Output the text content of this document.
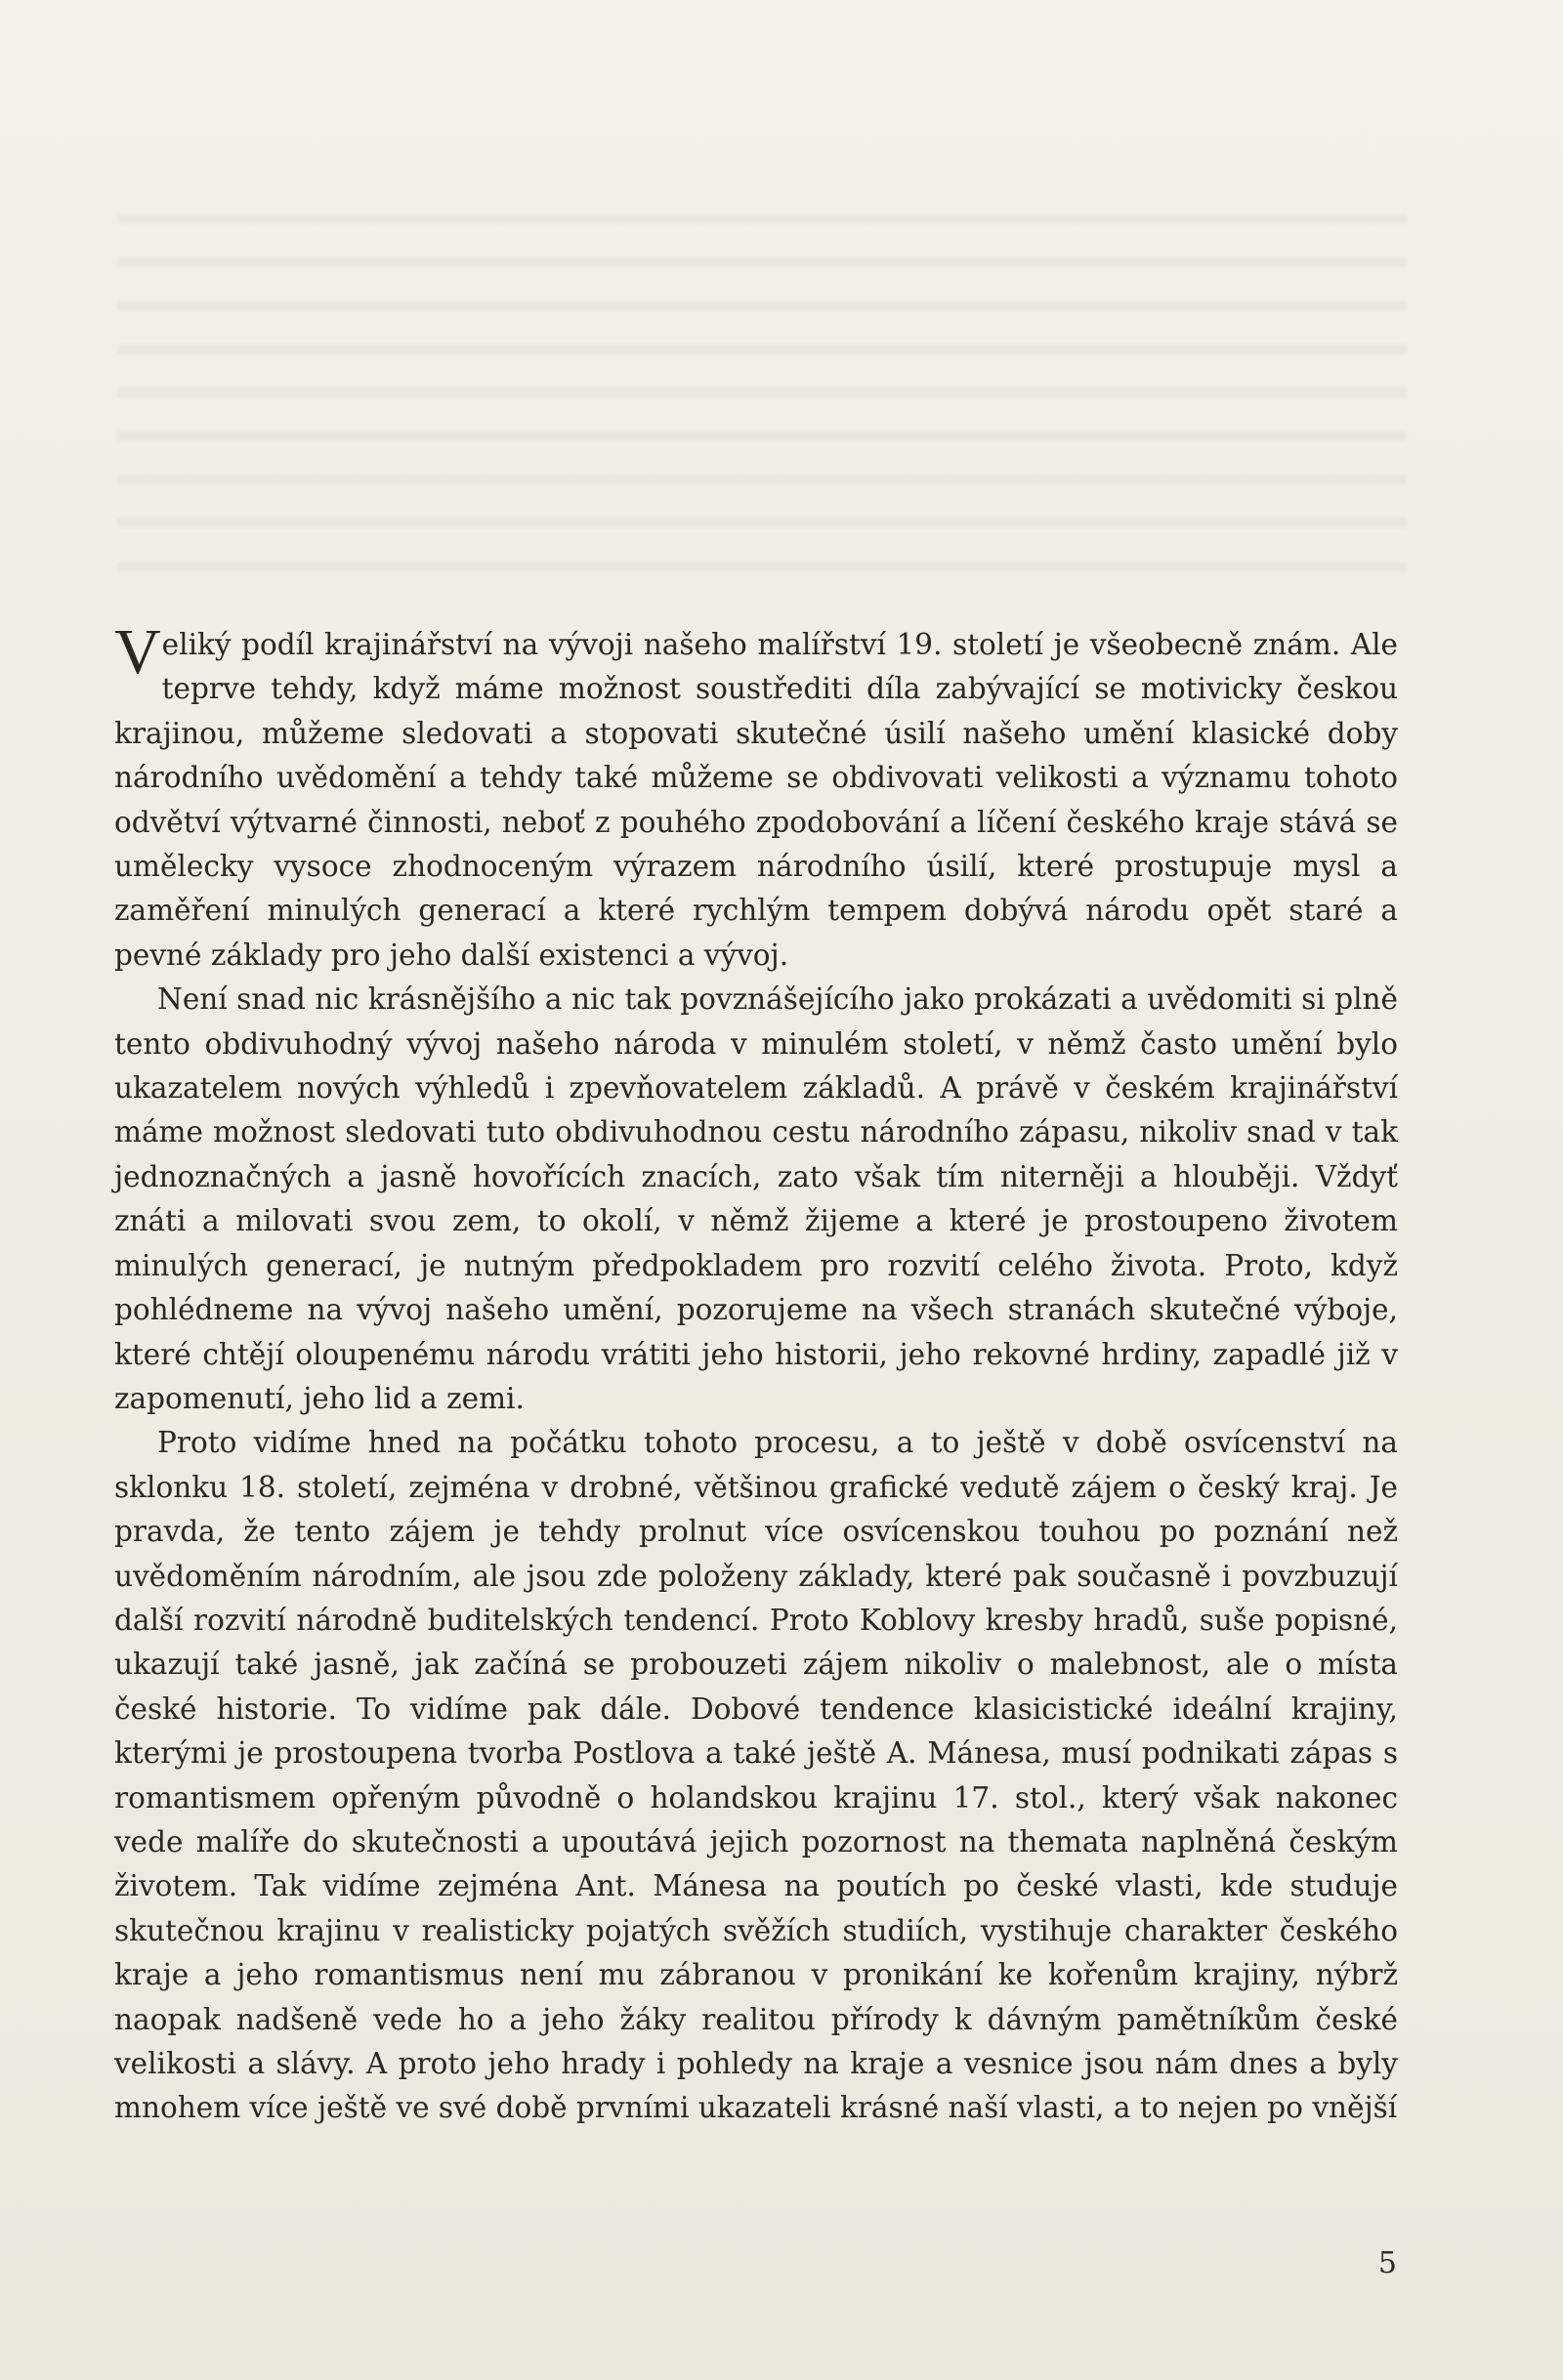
Veliký podíl krajinářství na vývoji našeho malířství 19. století je všeobecně znám. Ale teprve tehdy, když máme možnost soustřediti díla zabývající se motivicky českou krajinou, můžeme sledovati a stopovati skutečné úsilí našeho umění klasické doby národního uvědomění a tehdy také můžeme se obdivovati velikosti a významu tohoto odvětví výtvarné činnosti, neboť z pouhého zpodobování a líčení českého kraje stává se umělecky vysoce zhodnoceným výrazem národního úsilí, které prostupuje mysl a zaměření minulých generací a které rychlým tempem dobývá národu opět staré a pevné základy pro jeho další existenci a vývoj.

Není snad nic krásnějšího a nic tak povznášejícího jako prokázati a uvědomiti si plně tento obdivuhodný vývoj našeho národa v minulém století, v němž často umění bylo ukazatelem nových výhledů i zpevňovatelem základů. A právě v českém krajinářství máme možnost sledovati tuto obdivuhodnou cestu národního zápasu, nikoliv snad v tak jednoznačných a jasně hovořících znacích, zato však tím niterněji a hlouběji. Vždyť znáti a milovati svou zem, to okolí, v němž žijeme a které je prostoupeno životem minulých generací, je nutným předpokladem pro rozvití celého života. Proto, když pohlédneme na vývoj našeho umění, pozorujeme na všech stranách skutečné výboje, které chtějí oloupenému národu vrátiti jeho historii, jeho rekovné hrdiny, zapadlé již v zapomenutí, jeho lid a zemi.

Proto vidíme hned na počátku tohoto procesu, a to ještě v době osvícenství na sklonku 18. století, zejména v drobné, většinou grafické vedutě zájem o český kraj. Je pravda, že tento zájem je tehdy prolnut více osvícenskou touhou po poznání než uvědoměním národním, ale jsou zde položeny základy, které pak současně i povzbuzují další rozvití národně buditelských tendencí. Proto Koblovy kresby hradů, suše popisné, ukazují také jasně, jak začíná se probouzeti zájem nikoliv o malebnost, ale o místa české historie. To vidíme pak dále. Dobové tendence klasicistické ideální krajiny, kterými je prostoupena tvorba Postlova a také ještě A. Mánesa, musí podnikati zápas s romantismem opřeným původně o holandskou krajinu 17. stol., který však nakonec vede malíře do skutečnosti a upoutává jejich pozornost na themata naplněná českým životem. Tak vidíme zejména Ant. Mánesa na poutích po české vlasti, kde studuje skutečnou krajinu v realisticky pojatých svěžích studiích, vystihuje charakter českého kraje a jeho romantismus není mu zábranou v pronikání ke kořenům krajiny, nýbrž naopak nadšeně vede ho a jeho žáky realitou přírody k dávným pamětníkům české velikosti a slávy. A proto jeho hrady i pohledy na kraje a vesnice jsou nám dnes a byly mnohem více ještě ve své době prvními ukazateli krásné naší vlasti, a to nejen po vnější

5
